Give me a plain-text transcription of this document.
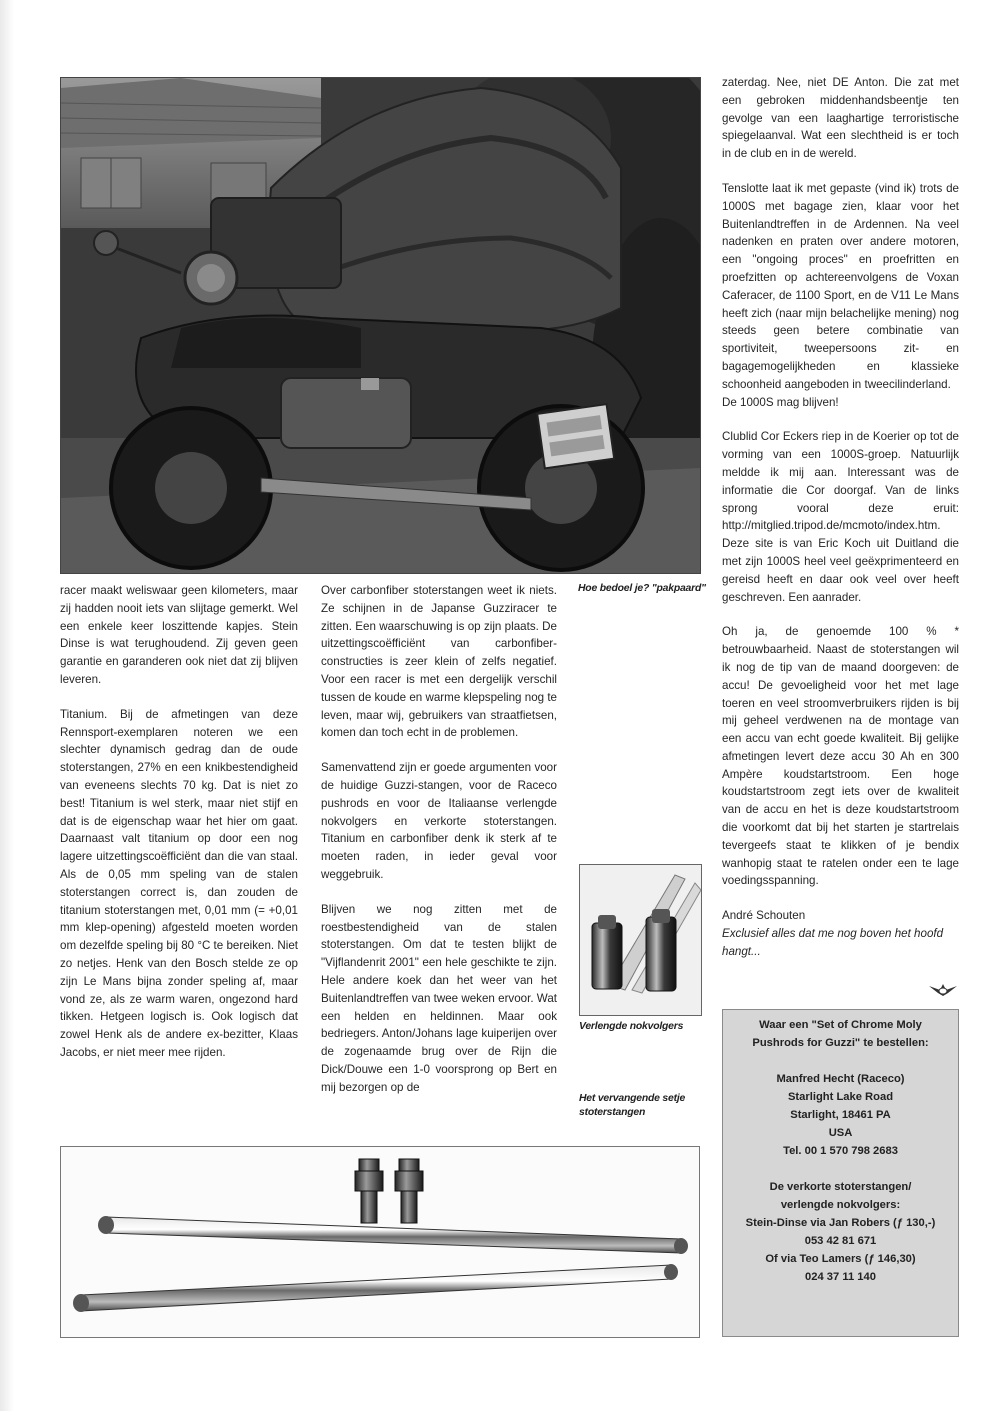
Hoe bedoel je? "pakpaard"

racer maakt weliswaar geen kilometers, maar zij hadden nooit iets van slijtage gemerkt. Wel een enkele keer loszittende kapjes. Stein Dinse is wat terughoudend. Zij geven geen garantie en garanderen ook niet dat zij blijven leveren.

Titanium. Bij de afmetingen van deze Rennsport-exemplaren noteren we een slechter dynamisch gedrag dan de oude stoterstangen, 27% en een knikbestendigheid van eveneens slechts 70 kg. Dat is niet zo best! Titanium is wel sterk, maar niet stijf en dat is de eigenschap waar het hier om gaat. Daarnaast valt titanium op door een nog lagere uitzettingscoëfficiënt dan die van staal. Als de 0,05 mm speling van de stalen stoterstangen correct is, dan zouden de titanium stoterstangen met, 0,01 mm (= +0,01 mm klep-opening) afgesteld moeten worden om dezelfde speling bij 80 °C te bereiken. Niet zo netjes. Henk van den Bosch stelde ze op zijn Le Mans bijna zonder speling af, maar vond ze, als ze warm waren, ongezond hard tikken. Hetgeen logisch is. Ook logisch dat zowel Henk als de andere ex-bezitter, Klaas Jacobs, er niet meer mee rijden.

Over carbonfiber stoterstangen weet ik niets. Ze schijnen in de Japanse Guzziracer te zitten. Een waarschuwing is op zijn plaats. De uitzettingscoëfficiënt van carbonfiber-constructies is zeer klein of zelfs negatief. Voor een racer is met een dergelijk verschil tussen de koude en warme klepspeling nog te leven, maar wij, gebruikers van straatfietsen, komen dan toch echt in de problemen.

Samenvattend zijn er goede argumenten voor de huidige Guzzi-stangen, voor de Raceco pushrods en voor de Italiaanse verlengde nokvolgers en verkorte stoterstangen. Titanium en carbonfiber denk ik sterk af te moeten raden, in ieder geval voor weggebruik.

Blijven we nog zitten met de roestbestendigheid van de stalen stoterstangen. Om dat te testen blijkt de "Vijflandenrit 2001" een hele geschikte te zijn. Hele andere koek dan het weer van het Buitenlandtreffen van twee weken ervoor. Wat een helden en heldinnen. Maar ook bedriegers. Anton/Johans lage kuiperijen over de zogenaamde brug over de Rijn die Dick/Douwe een 1-0 voorsprong op Bert en mij bezorgen op de

Verlengde nokvolgers
Het vervangende setje stoterstangen

zaterdag. Nee, niet DE Anton. Die zat met een gebroken middenhandsbeentje ten gevolge van een laaghartige terroristische spiegelaanval. Wat een slechtheid is er toch in de club en in de wereld.

Tenslotte laat ik met gepaste (vind ik) trots de 1000S met bagage zien, klaar voor het Buitenlandtreffen in de Ardennen. Na veel nadenken en praten over andere motoren, een "ongoing proces" en proefritten en proefzitten op achtereenvolgens de Voxan Caferacer, de 1100 Sport, en de V11 Le Mans heeft zich (naar mijn belachelijke mening) nog steeds geen betere combinatie van sportiviteit, tweepersoons zit- en bagagemogelijkheden en klassieke schoonheid aangeboden in tweecilinderland.

De 1000S mag blijven!

Clublid Cor Eckers riep in de Koerier op tot de vorming van een 1000S-groep. Natuurlijk meldde ik mij aan. Interessant was de informatie die Cor doorgaf. Van de links sprong vooral deze eruit: http://mitglied.tripod.de/mcmoto/index.htm. Deze site is van Eric Koch uit Duitland die met zijn 1000S heel veel geëxprimenteerd en gereisd heeft en daar ook veel over heeft geschreven. Een aanrader.

Oh ja, de genoemde 100 % * betrouwbaarheid. Naast de stoterstangen wil ik nog de tip van de maand doorgeven: de accu! De gevoeligheid voor het met lage toeren en veel stroomverbruikers rijden is bij mij geheel verdwenen na de montage van een accu van echt goede kwaliteit. Bij gelijke afmetingen levert deze accu 30 Ah en 300 Ampère koudstartstroom. Een hoge koudstartstroom zegt iets over de kwaliteit van de accu en het is deze koudstartstroom die voorkomt dat bij het starten je startrelais tevergeefs staat te klikken of je bendix wanhopig staat te ratelen onder een te lage voedingsspanning.

André Schouten

Exclusief alles dat me nog boven het hoofd hangt...

Waar een "Set of Chrome Moly
Pushrods for Guzzi" te bestellen:
Manfred Hecht (Raceco)
Starlight Lake Road
Starlight, 18461 PA
USA
Tel. 00 1 570 798 2683
De verkorte stoterstangen/
verlengde nokvolgers:
Stein-Dinse via Jan Robers (ƒ 130,-)
053 42 81 671
Of via Teo Lamers (ƒ 146,30)
024 37 11 140
